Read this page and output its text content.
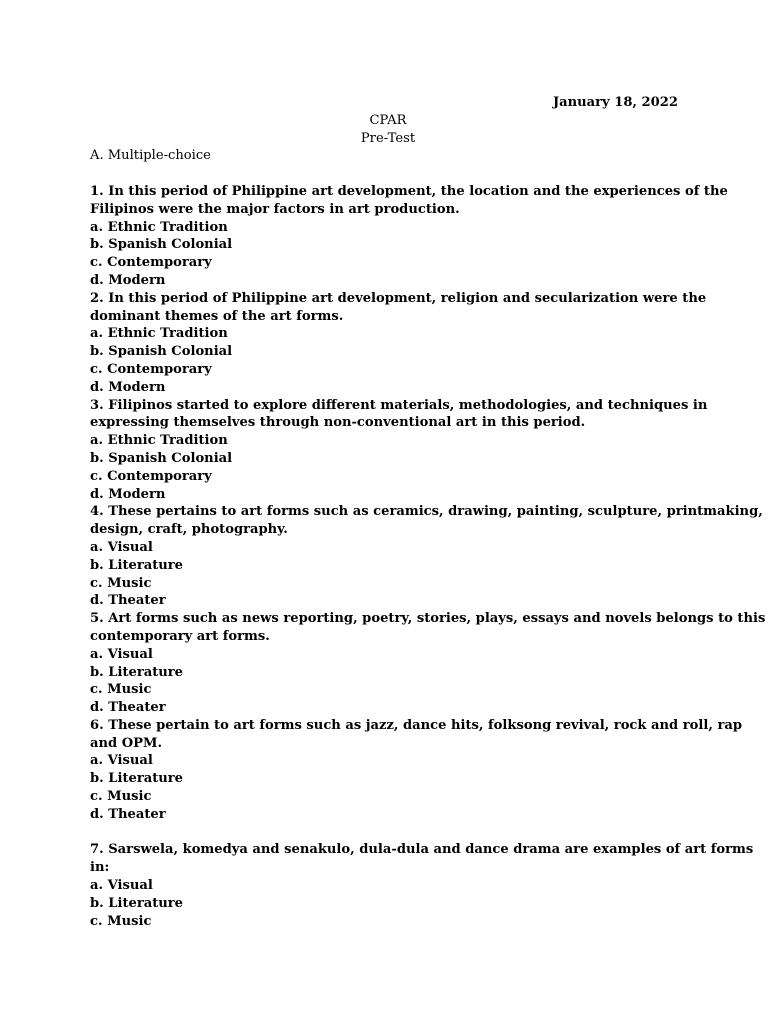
January 18, 2022
CPAR
Pre-Test
A. Multiple-choice
1. In this period of Philippine art development, the location and the experiences of the
Filipinos were the major factors in art production.
a. Ethnic Tradition
b. Spanish Colonial
c. Contemporary
d. Modern
2. In this period of Philippine art development, religion and secularization were the
dominant themes of the art forms.
a. Ethnic Tradition
b. Spanish Colonial
c. Contemporary
d. Modern
3. Filipinos started to explore different materials, methodologies, and techniques in
expressing themselves through non-conventional art in this period.
a. Ethnic Tradition
b. Spanish Colonial
c. Contemporary
d. Modern
4. These pertains to art forms such as ceramics, drawing, painting, sculpture, printmaking,
design, craft, photography.
a. Visual
b. Literature
c. Music
d. Theater
5. Art forms such as news reporting, poetry, stories, plays, essays and novels belongs to this
contemporary art forms.
a. Visual
b. Literature
c. Music
d. Theater
6. These pertain to art forms such as jazz, dance hits, folksong revival, rock and roll, rap
and OPM.
a. Visual
b. Literature
c. Music
d. Theater
7. Sarswela, komedya and senakulo, dula-dula and dance drama are examples of art forms
in:
a. Visual
b. Literature
c. Music
